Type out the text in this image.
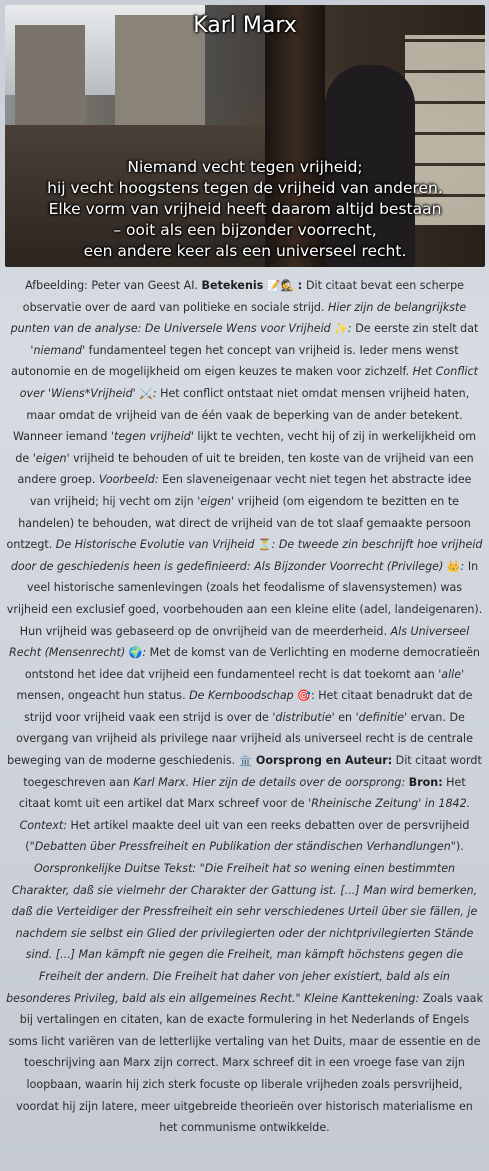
Karl Marx
Niemand vecht tegen vrijheid;
hij vecht hoogstens tegen de vrijheid van anderen.
Elke vorm van vrijheid heeft daarom altijd bestaan
– ooit als een bijzonder voorrecht,
een andere keer als een universeel recht.
Afbeelding: Peter van Geest AI. Betekenis 📝🕵️ : Dit citaat bevat een scherpe observatie over de aard van politieke en sociale strijd. Hier zijn de belangrijkste punten van de analyse: De Universele Wens voor Vrijheid ✨: De eerste zin stelt dat 'niemand' fundamenteel tegen het concept van vrijheid is. Ieder mens wenst autonomie en de mogelijkheid om eigen keuzes te maken voor zichzelf. Het Conflict over 'Wiens*Vrijheid' ⚔️: Het conflict ontstaat niet omdat mensen vrijheid haten, maar omdat de vrijheid van de één vaak de beperking van de ander betekent. Wanneer iemand 'tegen vrijheid' lijkt te vechten, vecht hij of zij in werkelijkheid om de 'eigen' vrijheid te behouden of uit te breiden, ten koste van de vrijheid van een andere groep. Voorbeeld: Een slaveneigenaar vecht niet tegen het abstracte idee van vrijheid; hij vecht om zijn 'eigen' vrijheid (om eigendom te bezitten en te handelen) te behouden, wat direct de vrijheid van de tot slaaf gemaakte persoon ontzegt. De Historische Evolutie van Vrijheid ⏳: De tweede zin beschrijft hoe vrijheid door de geschiedenis heen is gedefinieerd: Als Bijzonder Voorrecht (Privilege) 👑: In veel historische samenlevingen (zoals het feodalisme of slavensystemen) was vrijheid een exclusief goed, voorbehouden aan een kleine elite (adel, landeigenaren). Hun vrijheid was gebaseerd op de onvrijheid van de meerderheid. Als Universeel Recht (Mensenrecht) 🌍: Met de komst van de Verlichting en moderne democratieën ontstond het idee dat vrijheid een fundamenteel recht is dat toekomt aan 'alle' mensen, ongeacht hun status. De Kernboodschap 🎯: Het citaat benadrukt dat de strijd voor vrijheid vaak een strijd is over de 'distributie' en 'definitie' ervan. De overgang van vrijheid als privilege naar vrijheid als universeel recht is de centrale beweging van de moderne geschiedenis. 🏛️ Oorsprong en Auteur: Dit citaat wordt toegeschreven aan Karl Marx. Hier zijn de details over de oorsprong: Bron: Het citaat komt uit een artikel dat Marx schreef voor de 'Rheinische Zeitung' in 1842. Context: Het artikel maakte deel uit van een reeks debatten over de persvrijheid ("Debatten über Pressfreiheit en Publikation der ständischen Verhandlungen"). Oorspronkelijke Duitse Tekst: "Die Freiheit hat so wening einen bestimmten Charakter, daß sie vielmehr der Charakter der Gattung ist. [...] Man wird bemerken, daß die Verteidiger der Pressfreiheit ein sehr verschiedenes Urteil über sie fällen, je nachdem sie selbst ein Glied der privilegierten oder der nichtprivilegierten Stände sind. [...] Man kämpft nie gegen die Freiheit, man kämpft höchstens gegen die Freiheit der andern. Die Freiheit hat daher von jeher existiert, bald als ein besonderes Privileg, bald als ein allgemeines Recht." Kleine Kanttekening: Zoals vaak bij vertalingen en citaten, kan de exacte formulering in het Nederlands of Engels soms licht variëren van de letterlijke vertaling van het Duits, maar de essentie en de toeschrijving aan Marx zijn correct. Marx schreef dit in een vroege fase van zijn loopbaan, waarin hij zich sterk focuste op liberale vrijheden zoals persvrijheid, voordat hij zijn latere, meer uitgebreide theorieën over historisch materialisme en het communisme ontwikkelde.
